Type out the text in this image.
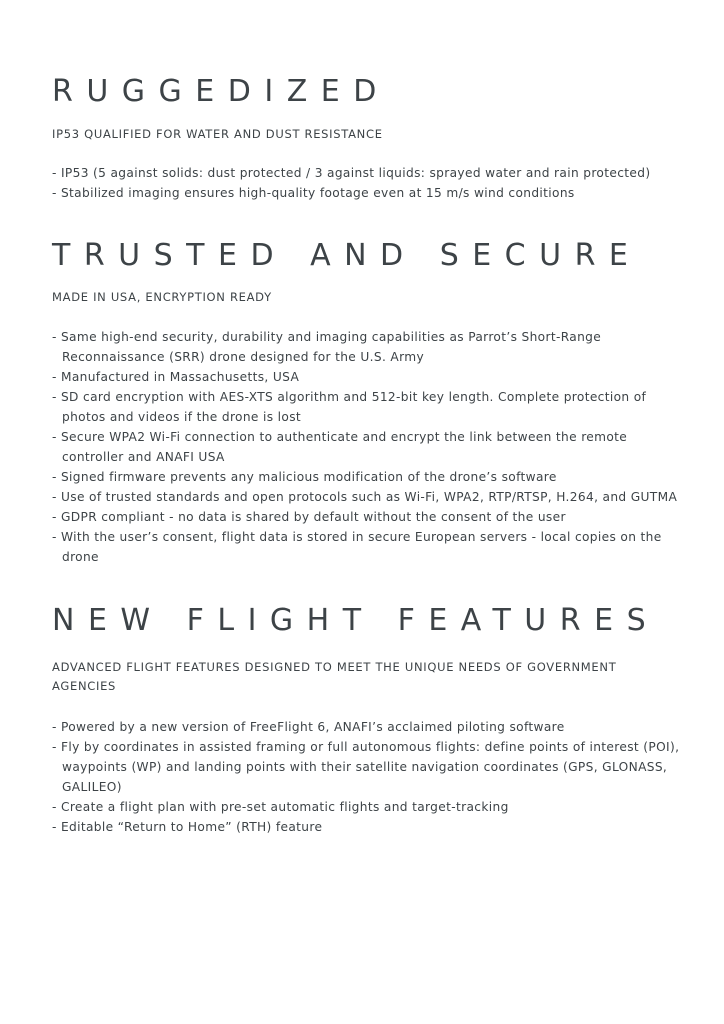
RUGGEDIZED

IP53 QUALIFIED FOR WATER AND DUST RESISTANCE

- IP53 (5 against solids: dust protected / 3 against liquids: sprayed water and rain protected)
- Stabilized imaging ensures high-quality footage even at 15 m/s wind conditions
TRUSTED AND SECURE

MADE IN USA, ENCRYPTION READY

- Same high-end security, durability and imaging capabilities as Parrot’s Short-Range Reconnaissance (SRR) drone designed for the U.S. Army
- Manufactured in Massachusetts, USA
- SD card encryption with AES-XTS algorithm and 512-bit key length. Complete protection of photos and videos if the drone is lost
- Secure WPA2 Wi-Fi connection to authenticate and encrypt the link between the remote controller and ANAFI USA
- Signed firmware prevents any malicious modification of the drone’s software
- Use of trusted standards and open protocols such as Wi-Fi, WPA2, RTP/RTSP, H.264, and GUTMA
- GDPR compliant - no data is shared by default without the consent of the user
- With the user’s consent, flight data is stored in secure European servers - local copies on the drone
NEW FLIGHT FEATURES

ADVANCED FLIGHT FEATURES DESIGNED TO MEET THE UNIQUE NEEDS OF GOVERNMENT AGENCIES

- Powered by a new version of FreeFlight 6, ANAFI’s acclaimed piloting software
- Fly by coordinates in assisted framing or full autonomous flights: define points of interest (POI), waypoints (WP) and landing points with their satellite navigation coordinates (GPS, GLONASS, GALILEO)
- Create a flight plan with pre-set automatic flights and target-tracking
- Editable “Return to Home” (RTH) feature
